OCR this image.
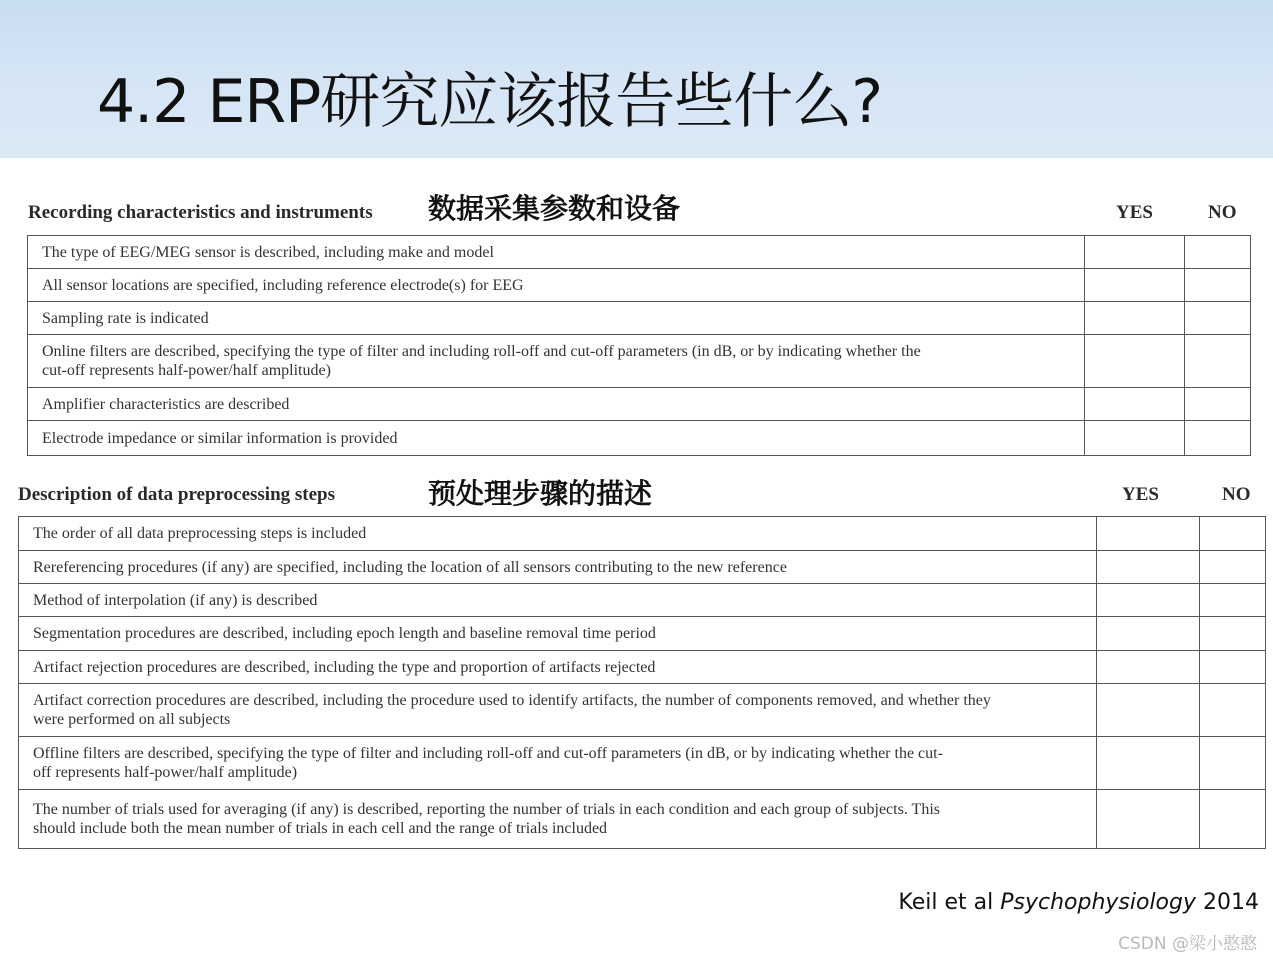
4.2 ERP研究应该报告些什么?
Recording characteristics and instruments 数据采集参数和设备	YES	NO
The type of EEG/MEG sensor is described, including make and model		
All sensor locations are specified, including reference electrode(s) for EEG		
Sampling rate is indicated		
Online filters are described, specifying the type of filter and including roll-off and cut-off parameters (in dB, or by indicating whether the cut-off represents half-power/half amplitude)		
Amplifier characteristics are described		
Electrode impedance or similar information is provided		
Description of data preprocessing steps	预处理步骤的描述	YES	NO
The order of all data preprocessing steps is included		
Rereferencing procedures (if any) are specified, including the location of all sensors contributing to the new reference		
Method of interpolation (if any) is described		
Segmentation procedures are described, including epoch length and baseline removal time period		
Artifact rejection procedures are described, including the type and proportion of artifacts rejected		
Artifact correction procedures are described, including the procedure used to identify artifacts, the number of components removed, and whether they were performed on all subjects		
Offline filters are described, specifying the type of filter and including roll-off and cut-off parameters (in dB, or by indicating whether the cut-off represents half-power/half amplitude)		
The number of trials used for averaging (if any) is described, reporting the number of trials in each condition and each group of subjects. This should include both the mean number of trials in each cell and the range of trials included		
Keil et al Psychophysiology 2014
CSDN @梁小憨憨
